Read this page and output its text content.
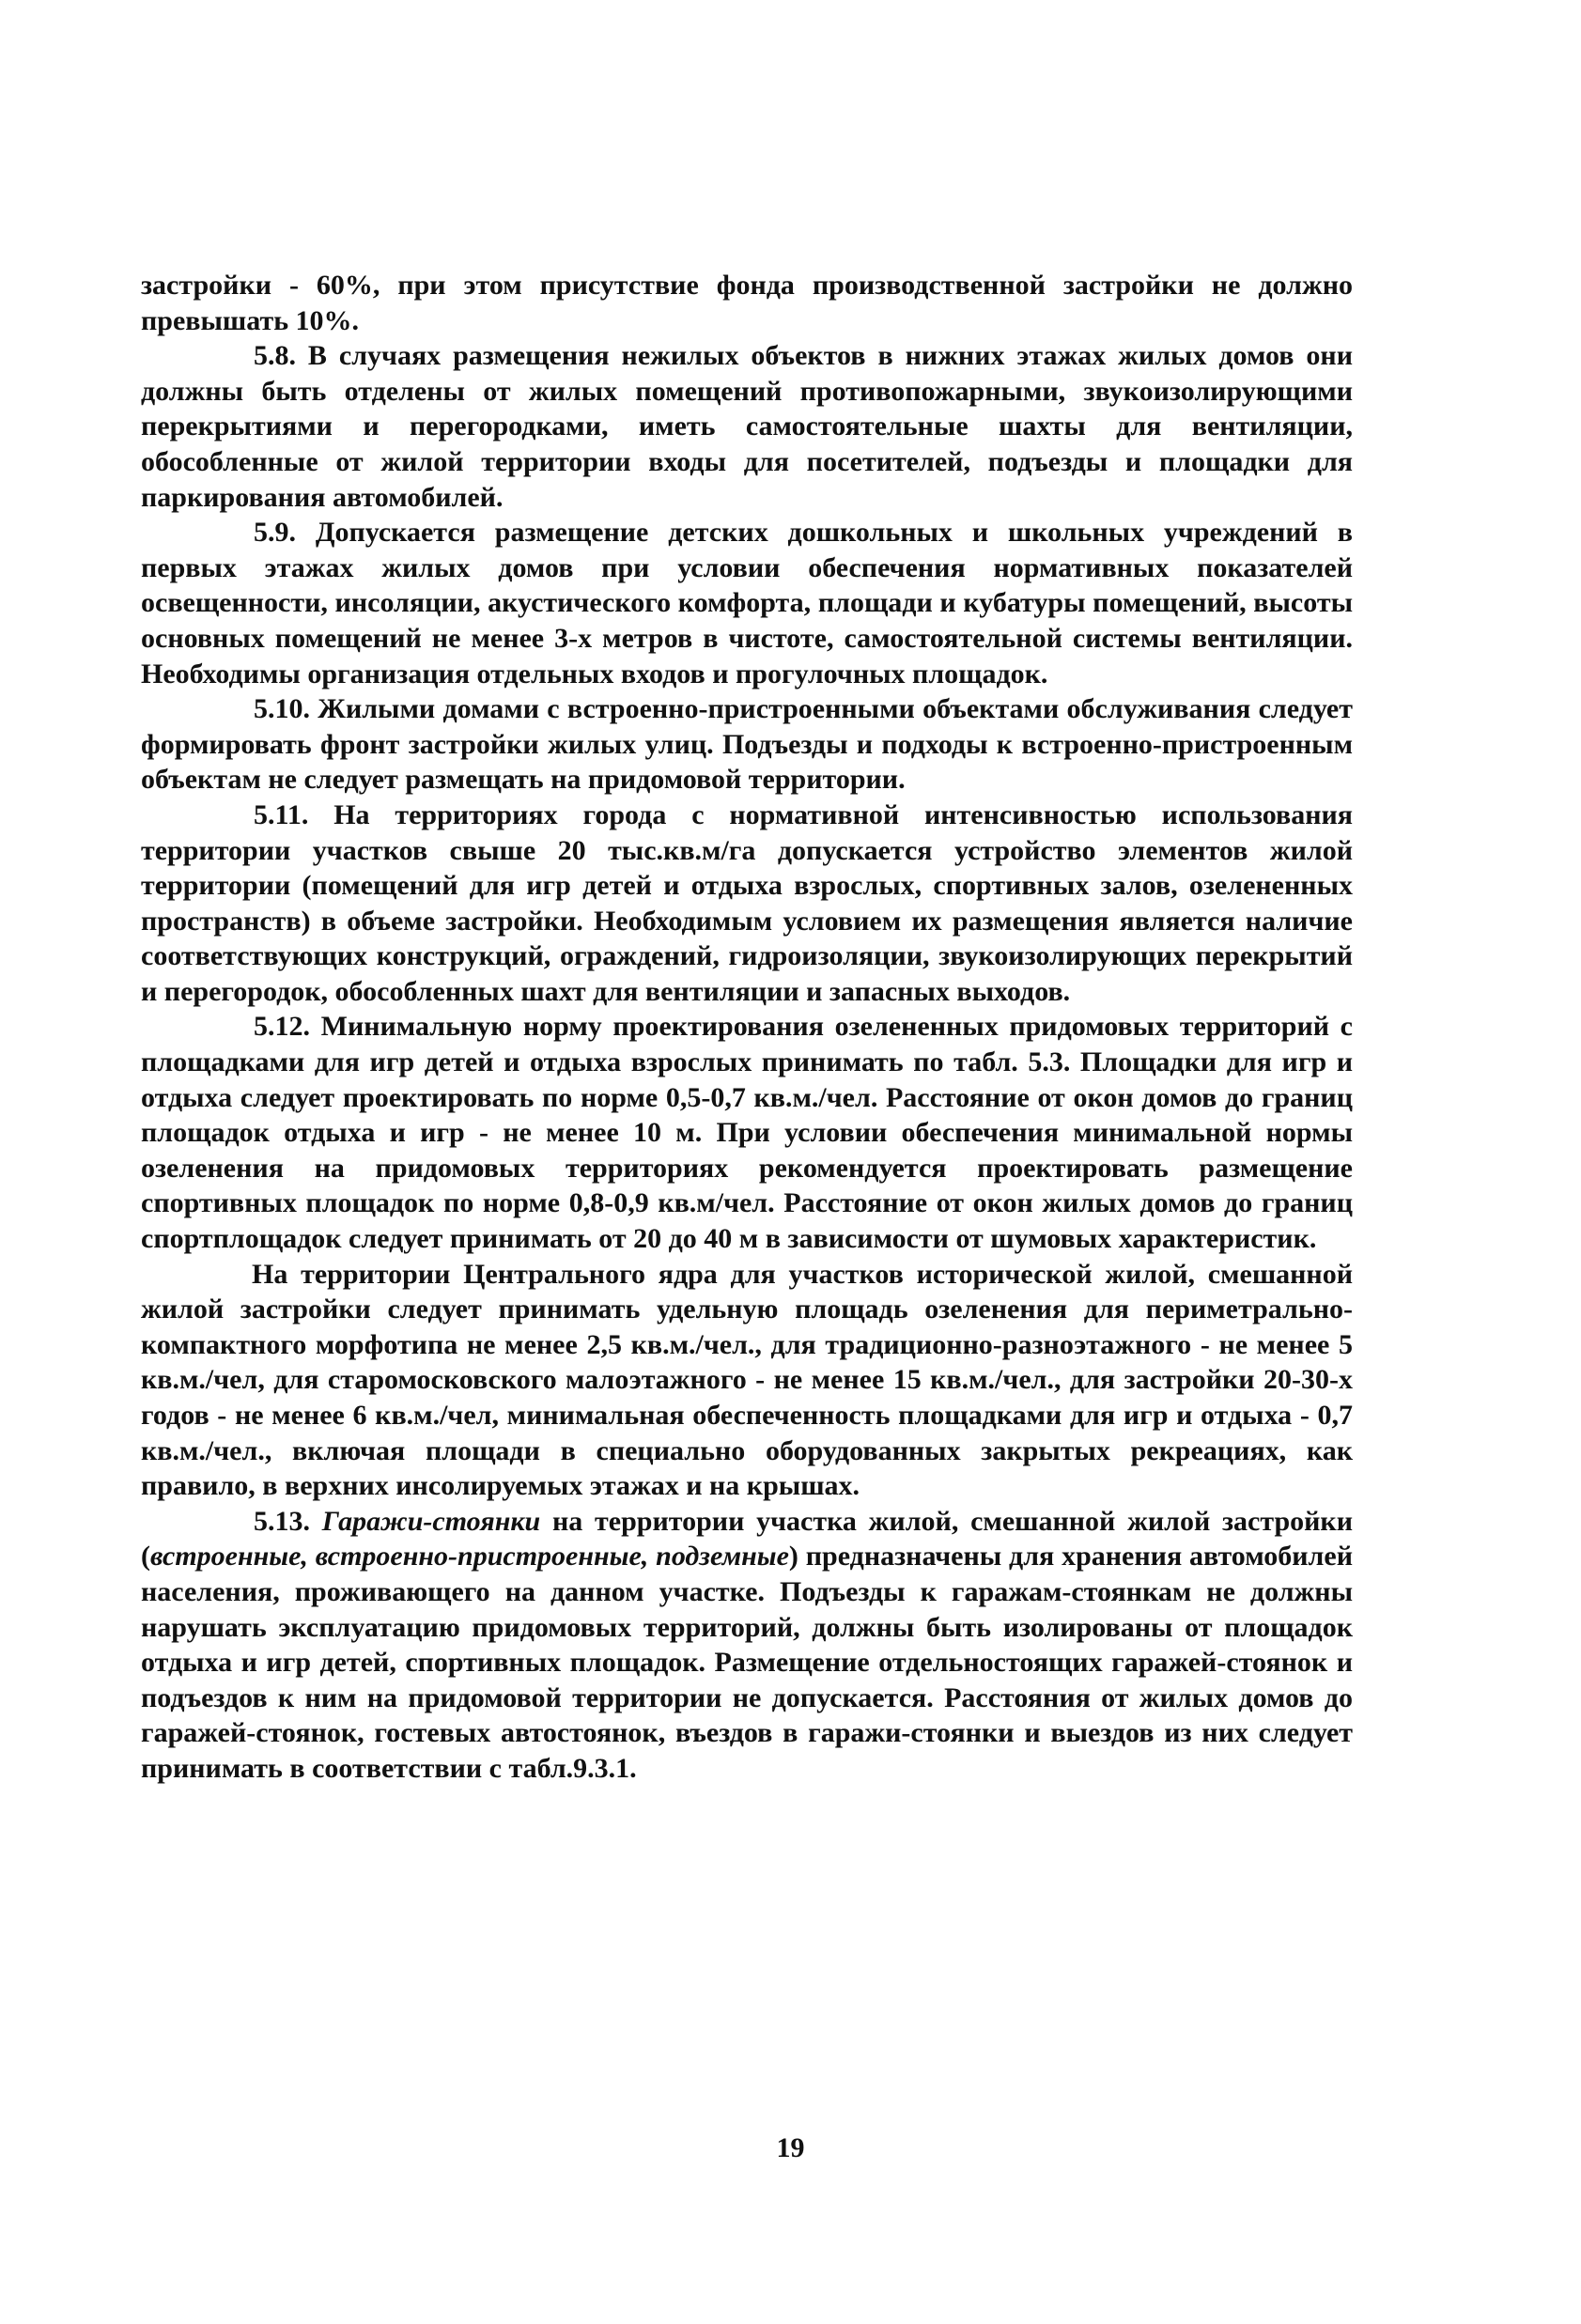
застройки - 60%, при этом присутствие фонда производственной застройки не должно превышать 10%.

5.8. В случаях размещения нежилых объектов в нижних этажах жилых домов они должны быть отделены от жилых помещений противопожарными, звукоизолирующими перекрытиями и перегородками, иметь самостоятельные шахты для вентиляции, обособленные от жилой территории входы для посетителей, подъезды и площадки для паркирования автомобилей.

5.9. Допускается размещение детских дошкольных и школьных учреждений в первых этажах жилых домов при условии обеспечения нормативных показателей освещенности, инсоляции, акустического комфорта, площади и кубатуры помещений, высоты основных помещений не менее 3-х метров в чистоте, самостоятельной системы вентиляции. Необходимы организация отдельных входов и прогулочных площадок.

5.10. Жилыми домами с встроенно-пристроенными объектами обслуживания следует формировать фронт застройки жилых улиц. Подъезды и подходы к встроенно-пристроенным объектам не следует размещать на придомовой территории.

5.11. На территориях города с нормативной интенсивностью использования территории участков свыше 20 тыс.кв.м/га допускается устройство элементов жилой территории (помещений для игр детей и отдыха взрослых, спортивных залов, озелененных пространств) в объеме застройки. Необходимым условием их размещения является наличие соответствующих конструкций, ограждений, гидроизоляции, звукоизолирующих перекрытий и перегородок, обособленных шахт для вентиляции и запасных выходов.

5.12. Минимальную норму проектирования озелененных придомовых территорий с площадками для игр детей и отдыха взрослых принимать по табл. 5.3. Площадки для игр и отдыха следует проектировать по норме 0,5-0,7 кв.м./чел. Расстояние от окон домов до границ площадок отдыха и игр - не менее 10 м. При условии обеспечения минимальной нормы озеленения на придомовых территориях рекомендуется проектировать размещение спортивных площадок по норме 0,8-0,9 кв.м/чел. Расстояние от окон жилых домов до границ спортплощадок следует принимать от 20 до 40 м в зависимости от шумовых характеристик.

На территории Центрального ядра для участков исторической жилой, смешанной жилой застройки следует принимать удельную площадь озеленения для периметрально-компактного морфотипа не менее 2,5 кв.м./чел., для традиционно-разноэтажного - не менее 5 кв.м./чел, для старомосковского малоэтажного - не менее 15 кв.м./чел., для застройки 20-30-х годов - не менее 6 кв.м./чел, минимальная обеспеченность площадками для игр и отдыха - 0,7 кв.м./чел., включая площади в специально оборудованных закрытых рекреациях, как правило, в верхних инсолируемых этажах и на крышах.

5.13. Гаражи-стоянки на территории участка жилой, смешанной жилой застройки (встроенные, встроенно-пристроенные, подземные) предназначены для хранения автомобилей населения, проживающего на данном участке. Подъезды к гаражам-стоянкам не должны нарушать эксплуатацию придомовых территорий, должны быть изолированы от площадок отдыха и игр детей, спортивных площадок. Размещение отдельностоящих гаражей-стоянок и подъездов к ним на придомовой территории не допускается. Расстояния от жилых домов до гаражей-стоянок, гостевых автостоянок, въездов в гаражи-стоянки и выездов из них следует принимать в соответствии с табл.9.3.1.

19
